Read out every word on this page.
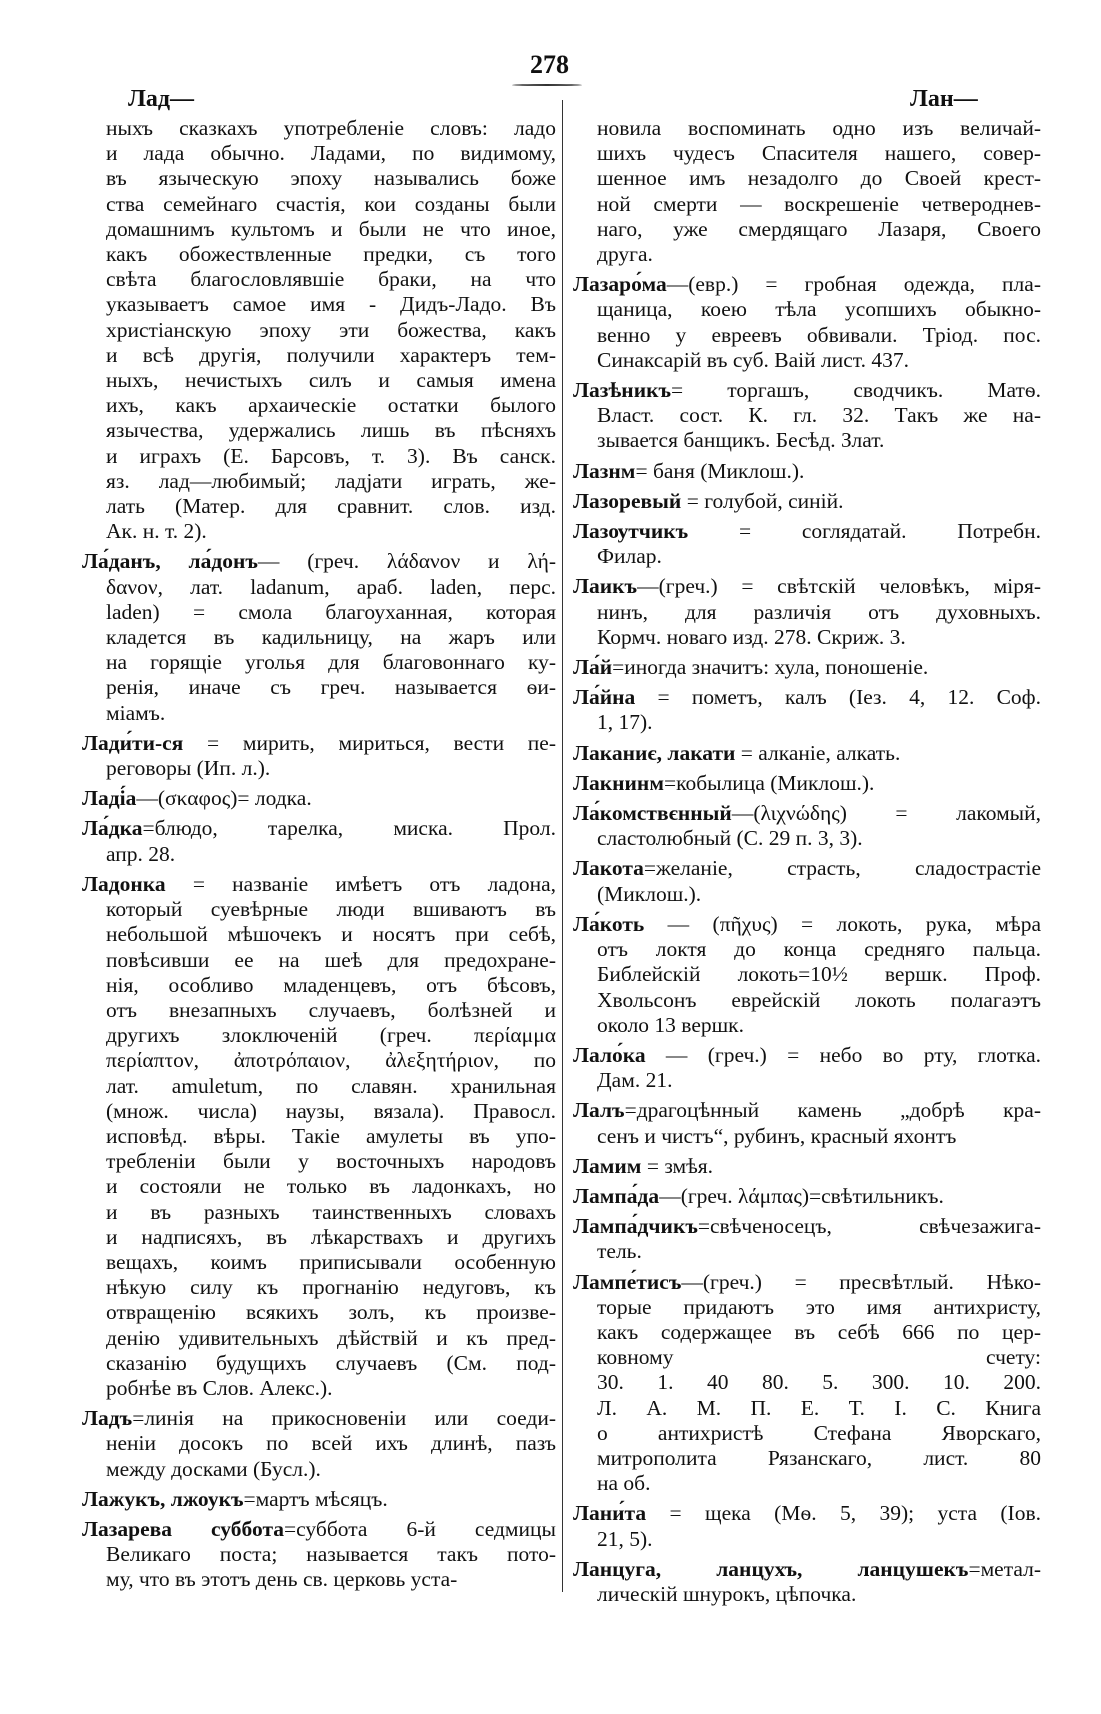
278
Лад—	Лан—
ныхъ сказкахъ употребленіе словъ: ладо
и лада обычно. Ладами, по видимому,
въ языческую эпоху назывались боже
ства семейнаго счастія, кои созданы были
домашнимъ культомъ и были не что иное,
какъ обожествленные предки, съ того
свѣта благословлявшіе браки, на что
указываетъ самое имя - Дидъ-Ладо. Въ
христіанскую эпоху эти божества, какъ
и всѣ другія, получили характеръ тем-
ныхъ, нечистыхъ силъ и самыя имена
ихъ, какъ архаическіе остатки былого
язычества, удержались лишь въ пѣсняхъ
и играхъ (Е. Барсовъ, т. 3). Въ санск.
яз. лад—любимый; ладјати играть, же-
лать (Матер. для сравнит. слов. изд.
Ак. н. т. 2).
Ла́данъ, ла́донъ— (греч. λάδανον и λή-
δανον, лат. ladanum, араб. laden, перс.
laden) = смола благоуханная, которая
кладется въ кадильницу, на жаръ или
на горящіе уголья для благовоннаго ку-
ренія, иначе съ греч. называется ѳи-
міамъ.
Лади́ти-ся = мирить, мириться, вести пе-
реговоры (Ип. л.).
Ладі́а—(σκαφος)= лодка.
Ла́дка=блюдо, тарелка, миска. Прол.
апр. 28.
Ладонка = названіе имѣетъ отъ ладона,
который суевѣрные люди вшиваютъ въ
небольшой мѣшочекъ и носятъ при себѣ,
повѣсивши ее на шеѣ для предохране-
нія, особливо младенцевъ, отъ бѣсовъ,
отъ внезапныхъ случаевъ, болѣзней и
другихъ злоключеній (греч. περίαμμα
περίαπτον, ἀποτρόπαιον, ἀλεξητήριον, по
лат. amuletum, по славян. хранильная
(множ. числа) наузы, вязала). Правосл.
исповѣд. вѣры. Такіе амулеты въ упо-
требленіи были у восточныхъ народовъ
и состояли не только въ ладонкахъ, но
и въ разныхъ таинственныхъ словахъ
и надписяхъ, въ лѣкарствахъ и другихъ
вещахъ, коимъ приписывали особенную
нѣкую силу къ прогнанію недуговъ, къ
отвращенію всякихъ золъ, къ произве-
денію удивительныхъ дѣйствій и къ пред-
сказанію будущихъ случаевъ (См. под-
робнѣе въ Слов. Алекс.).
Ладъ=линія на прикосновеніи или соеди-
неніи досокъ по всей ихъ длинѣ, пазъ
между досками (Бусл.).
Лажукъ, лжоукъ=мартъ мѣсяцъ.
Лазарева суббота=суббота 6-й седмицы
Великаго поста; называется такъ пото-
му, что въ этотъ день св. церковь уста-
новила воспоминать одно изъ величай-
шихъ чудесъ Спасителя нашего, совер-
шенное имъ незадолго до Своей крест-
ной смерти — воскрешеніе четвероднев-
наго, уже смердящаго Лазаря, Своего
друга.
Лазаро́ма—(евр.) = гробная одежда, пла-
щаница, коею тѣла усопшихъ обыкно-
венно у евреевъ обвивали. Тріод. пос.
Синаксарій въ суб. Ваій лист. 437.
Лазѣникъ= торгашъ, сводчикъ. Матѳ.
Власт. сост. К. гл. 32. Такъ же на-
зывается банщикъ. Бесѣд. Злат.
Лазнм= баня (Миклош.).
Лазоревый = голубой, синій.
Лазѹтчикъ = соглядатай. Потребн.
Филар.
Лаикъ—(греч.) = свѣтскій человѣкъ, міря-
нинъ, для различія отъ духовныхъ.
Кормч. новаго изд. 278. Скриж. 3.
Ла́й=иногда значитъ: хула, поношеніе.
Ла́йна = пометъ, калъ (Іез. 4, 12. Соф.
1, 17).
Лаканиє, лакати = алканіе, алкать.
Лакнинм=кобылица (Миклош.).
Ла́комствєнный—(λιχνώδης) = лакомый,
сластолюбный (С. 29 п. 3, 3).
Лакота=желаніе, страсть, сладострастіе
(Миклош.).
Ла́коть — (πῆχυς) = локоть, рука, мѣра
отъ локтя до конца средняго пальца.
Библейскій локоть=10½ вершк. Проф.
Хвольсонъ еврейскій локоть полагаэтъ
около 13 вершк.
Лало́ка — (греч.) = небо во рту, глотка.
Дам. 21.
Лалъ=драгоцѣнный камень „добрѣ кра-
сенъ и чистъ“, рубинъ, красный яхонтъ
Ламим = змѣя.
Лампа́да—(греч. λάμπας)=свѣтильникъ.
Лампа́дчикъ=свѣченосецъ, свѣчезажига-
тель.
Лампе́тисъ—(греч.) = пресвѣтлый. Нѣко-
торые придаютъ это имя антихристу,
какъ содержащее въ себѣ 666 по цер-
ковному счету:
30. 1. 40 80. 5. 300. 10. 200.
Л. А. М. П. Е. Т. І. С. Книга
о антихристѣ Стефана Яворскаго,
митрополита Рязанскаго, лист. 80
на об.
Лани́та = щека (Мѳ. 5, 39); уста (Іов.
21, 5).
Ланцуга, ланцухъ, ланцушекъ=метал-
лическій шнурокъ, цѣпочка.
